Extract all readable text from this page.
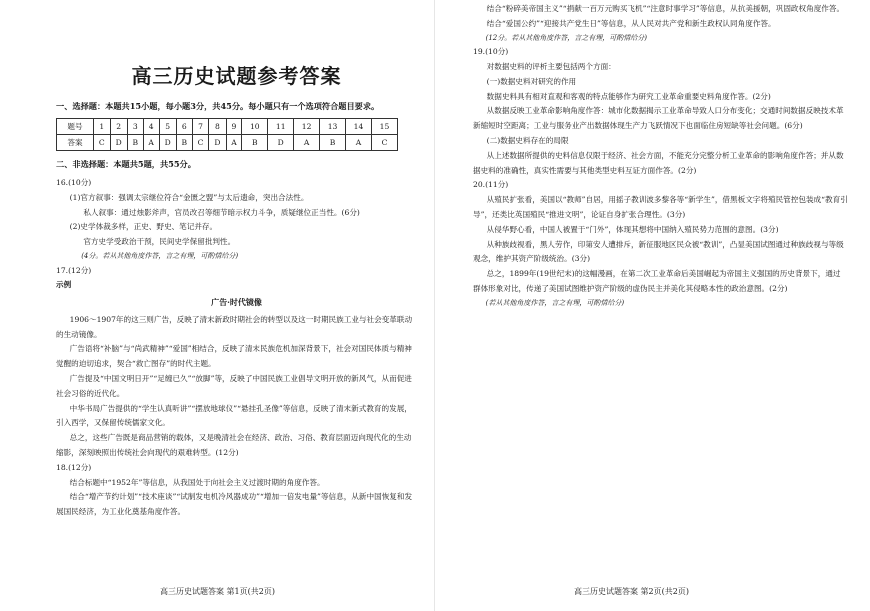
高三历史试题参考答案

一、选择题：本题共15小题，每小题3分，共45分。每小题只有一个选项符合题目要求。

题号	1	2	3	4	5	6	7	8	9	10	11	12	13	14	15
答案	C	D	B	A	D	B	C	D	A	B	D	A	B	A	C

二、非选择题：本题共5题，共55分。

16.(10分)

(1)官方叙事：强调太宗继位符合“金匮之盟”与太后遗命，突出合法性。

私人叙事：通过烛影斧声，官员改召等细节暗示权力斗争，质疑继位正当性。(6分)

(2)史学体裁多样，正史、野史、笔记并存。

官方史学受政治干预，民间史学保留批判性。

(4分。若从其他角度作答，言之有理，可酌情给分)

17.(12分)

示例

广告·时代镜像

1906～1907年的这三则广告，反映了清末新政时期社会的转型以及这一时期民族工业与社会变革联动的生动镜像。

广告语将“补脑”与“尚武精神”“爱国”相结合，反映了清末民族危机加深背景下，社会对国民体质与精神觉醒的迫切追求，契合“救亡图存”的时代主题。

广告提及“中国文明日开”“足缠已久”“放脚”等，反映了中国民族工业倡导文明开放的新风气，从而促进社会习俗的近代化。

中华书局广告提供的“学生认真听讲”“摆放地球仪”“悬挂孔圣像”等信息，反映了清末新式教育的发展，引入西学，又保留传统儒家文化。

总之，这些广告既是商品营销的载体，又是晚清社会在经济、政治、习俗、教育层面迈向现代化的生动缩影，深刻映照出传统社会向现代的艰难转型。(12分)

18.(12分)

结合标题中“1952年”等信息，从我国处于向社会主义过渡时期的角度作答。

结合“增产节约计划”“技术座谈”“试制发电机冷风器成功”“增加一倍发电量”等信息，从新中国恢复和发展国民经济，为工业化奠基角度作答。

结合“粉碎美帝国主义”“捐献一百万元购买飞机”“注意时事学习”等信息，从抗美援朝，巩固政权角度作答。

结合“爱国公约”“迎接共产党生日”等信息，从人民对共产党和新生政权认同角度作答。

(12分。若从其他角度作答，言之有理，可酌情给分)

19.(10分)

对数据史料的评析主要包括两个方面：

(一)数据史料对研究的作用

数据史料具有相对直观和客观的特点能够作为研究工业革命重要史料角度作答。(2分)

从数据反映工业革命影响角度作答：城市化数据揭示工业革命导致人口分布变化；交通时间数据反映技术革新缩短时空距离；工业与服务业产出数据体现生产力飞跃情况下也面临住房短缺等社会问题。(6分)

(二)数据史料存在的局限

从上述数据所提供的史料信息仅限于经济、社会方面，不能充分完整分析工业革命的影响角度作答；并从数据史料的准确性，真实性需要与其他类型史料互证方面作答。(2分)

20.(11分)

从殖民扩张看，美国以“教师”自居，用摇子教训波多黎各等“新学生”，借黑板文字将殖民管控包装成“教育引导”，还类比英国殖民“推进文明”，论证自身扩张合理性。(3分)

从侵华野心看，中国人被置于“门外”，体现其想将中国纳入殖民势力范围的意图。(3分)

从种族歧视看，黑人劳作，印第安人遭排斥，新征服地区民众被“教训”，凸显美国试图通过种族歧视与等级观念，维护其资产阶级统治。(3分)

总之，1899年(19世纪末)的这幅漫画，在第二次工业革命后美国崛起为帝国主义强国的历史背景下，通过群体形象对比，传递了美国试图维护资产阶级的虚伪民主并美化其侵略本性的政治意图。(2分)

(若从其他角度作答，言之有理，可酌情给分)

高三历史试题答案 第1页(共2页)	高三历史试题答案 第2页(共2页)
